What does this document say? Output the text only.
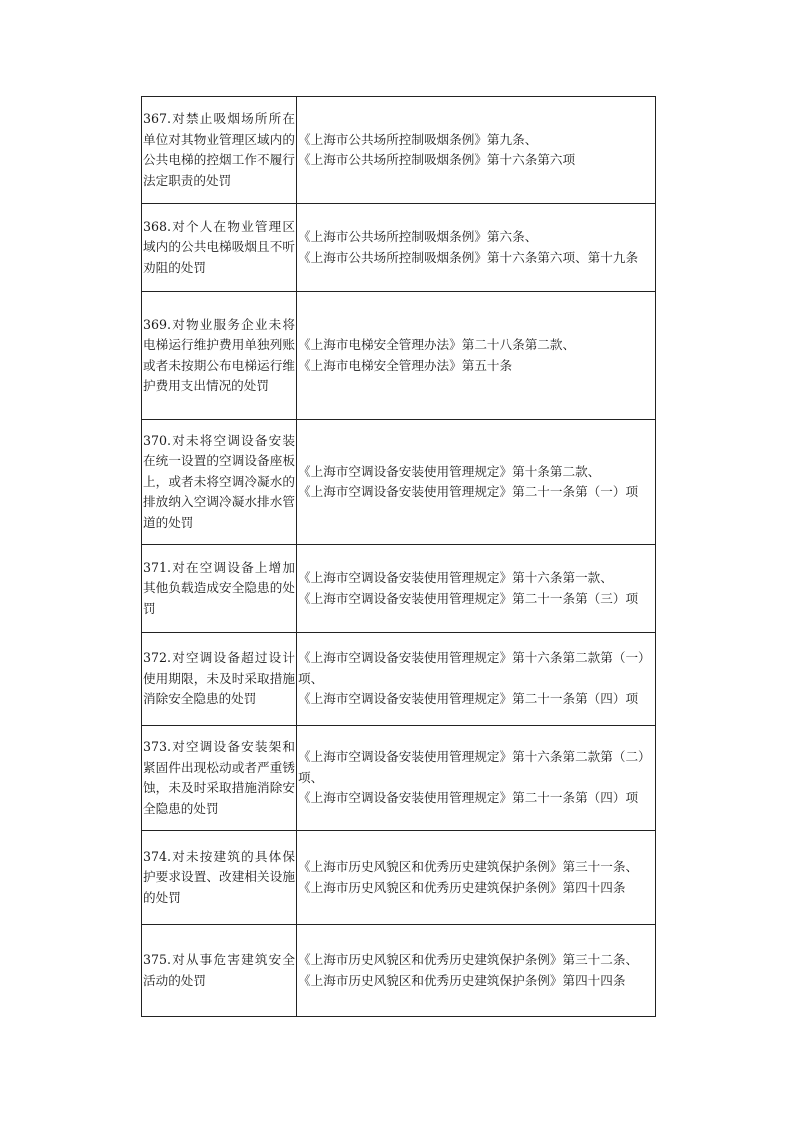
367.对禁止吸烟场所所在单位对其物业管理区域内的公共电梯的控烟工作不履行法定职责的处罚	《上海市公共场所控制吸烟条例》第九条、
《上海市公共场所控制吸烟条例》第十六条第六项

368.对个人在物业管理区域内的公共电梯吸烟且不听劝阻的处罚	《上海市公共场所控制吸烟条例》第六条、
《上海市公共场所控制吸烟条例》第十六条第六项、第十九条

369.对物业服务企业未将电梯运行维护费用单独列账或者未按期公布电梯运行维护费用支出情况的处罚	《上海市电梯安全管理办法》第二十八条第二款、
《上海市电梯安全管理办法》第五十条

370.对未将空调设备安装在统一设置的空调设备座板上，或者未将空调冷凝水的排放纳入空调冷凝水排水管道的处罚	《上海市空调设备安装使用管理规定》第十条第二款、
《上海市空调设备安装使用管理规定》第二十一条第（一）项

371.对在空调设备上增加其他负载造成安全隐患的处罚	《上海市空调设备安装使用管理规定》第十六条第一款、
《上海市空调设备安装使用管理规定》第二十一条第（三）项

372.对空调设备超过设计使用期限，未及时采取措施消除安全隐患的处罚	《上海市空调设备安装使用管理规定》第十六条第二款第（一）项、
《上海市空调设备安装使用管理规定》第二十一条第（四）项

373.对空调设备安装架和紧固件出现松动或者严重锈蚀，未及时采取措施消除安全隐患的处罚	《上海市空调设备安装使用管理规定》第十六条第二款第（二）项、
《上海市空调设备安装使用管理规定》第二十一条第（四）项

374.对未按建筑的具体保护要求设置、改建相关设施的处罚	《上海市历史风貌区和优秀历史建筑保护条例》第三十一条、
《上海市历史风貌区和优秀历史建筑保护条例》第四十四条

375.对从事危害建筑安全活动的处罚	《上海市历史风貌区和优秀历史建筑保护条例》第三十二条、
《上海市历史风貌区和优秀历史建筑保护条例》第四十四条
